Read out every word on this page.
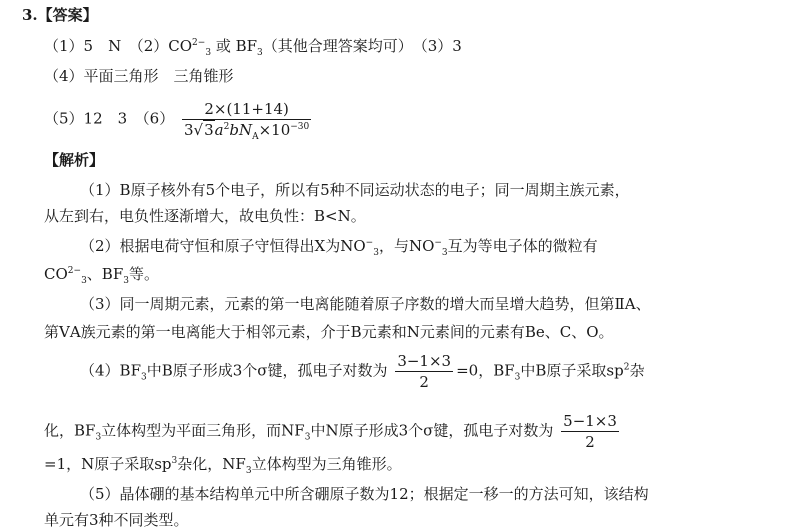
3.【答案】
（1）5　N　$(2)CO^{2-}_3$ 或 $BF_3$（其他合理答案均可）　（3）3
（4）平面三角形　三角锥形
（5）12　3　$(6) \frac{2\times(11+14)}{3√3a^2bN_A\times 10^{-30}}$
【解析】
（1）B原子核外有5个电子，所以有5种不同运动状态的电子；同一周期主族元素，
从左到右，电负性逐渐增大，故电负性：B<N。
（2）根据电荷守恒和原子守恒得出X为$NO^-_3$，与$NO^-_3$互为等电子体的微粒有
$CO^{2-}_3$、$BF_3$等。
（3）同一周期元素，元素的第一电离能随着原子序数的增大而呈增大趋势，但第ⅡA、
第ⅤA族元素的第一电离能大于相邻元素，介于B元素和N元素间的元素有Be、C、O。
$(4)BF_3$中B原子形成3个σ键，孤电子对数为 $\frac{3-1\times 3}{2} =0$，$BF_3$中B原子采取$sp^2$杂
化，$BF_3$立体构型为平面三角形，而$NF_3$中N原子形成3个σ键，孤电子对数为 $\frac{5-1\times 3}{2}$
=1，N原子采取$sp^3$杂化，$NF_3$立体构型为三角锥形。
（5）晶体硼的基本结构单元中所含硼原子数为12；根据定一移一的方法可知，该结构
单元有3种不同类型。
